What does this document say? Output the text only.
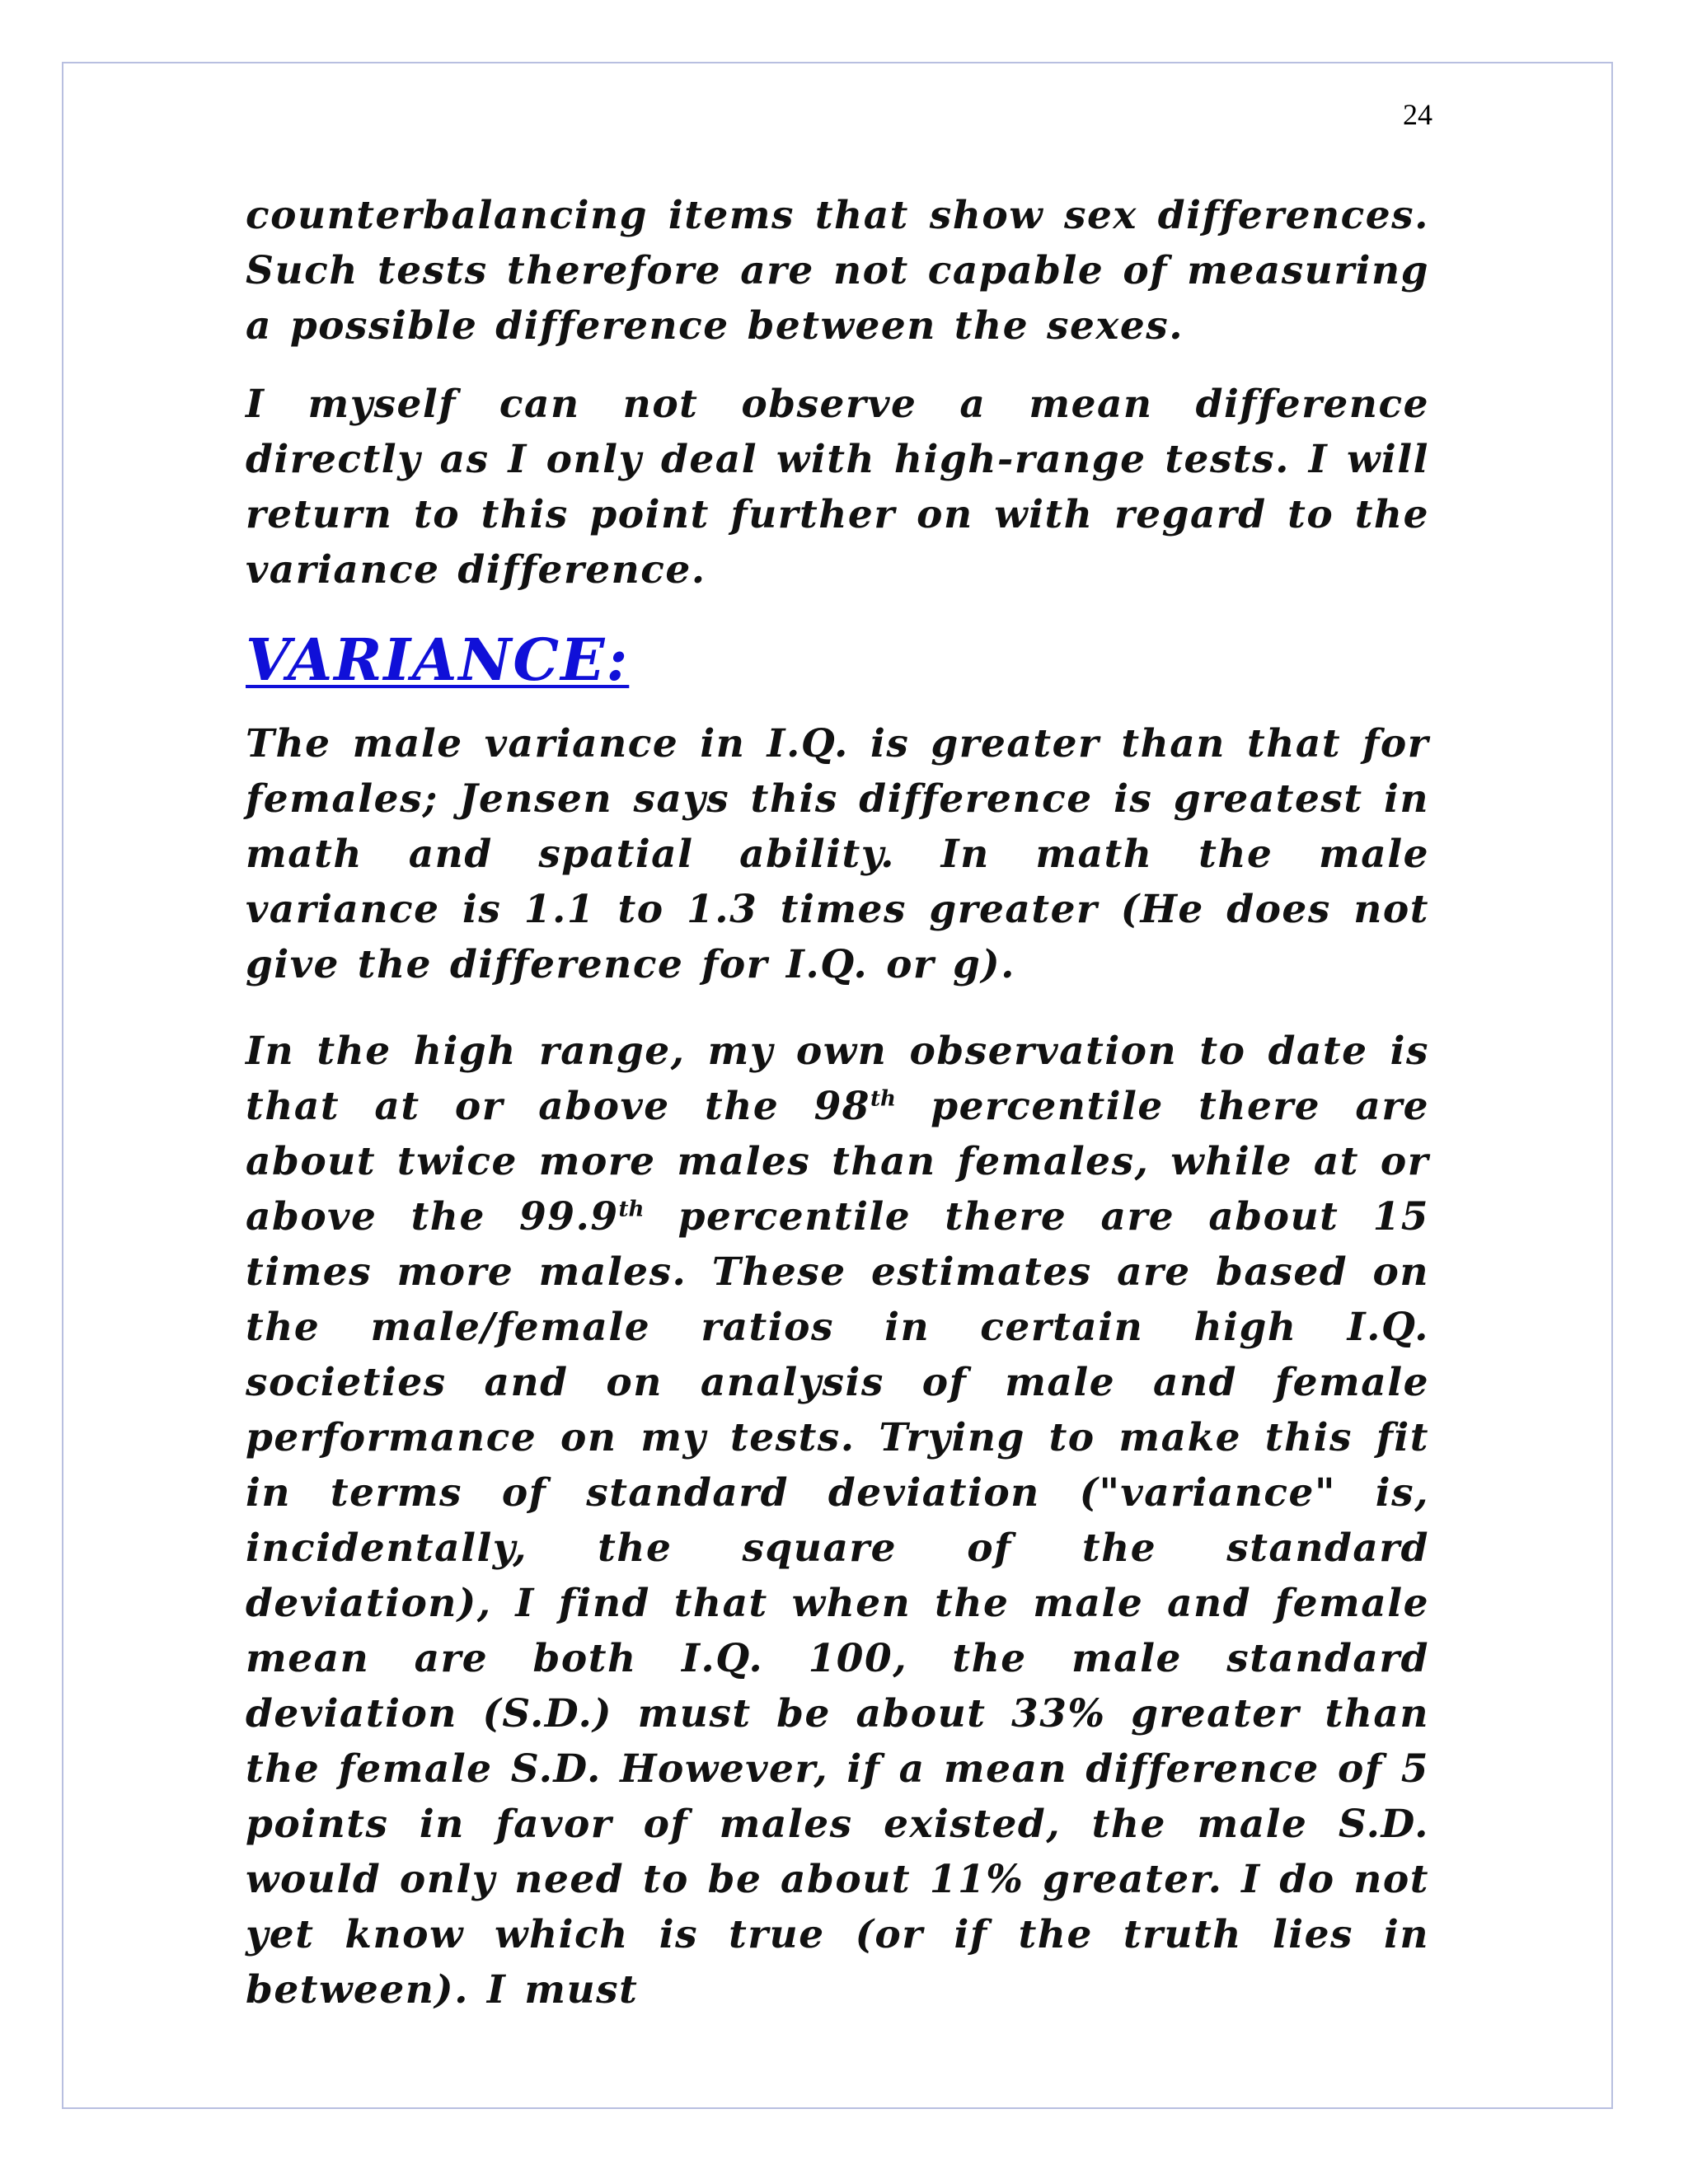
24

counterbalancing items that show sex differences. Such tests therefore are not capable of measuring a possible difference between the sexes.

I myself can not observe a mean difference directly as I only deal with high-range tests. I will return to this point further on with regard to the variance difference.

VARIANCE:

The male variance in I.Q. is greater than that for females; Jensen says this difference is greatest in math and spatial ability. In math the male variance is 1.1 to 1.3 times greater (He does not give the difference for I.Q. or g).

In the high range, my own observation to date is that at or above the 98th percentile there are about twice more males than females, while at or above the 99.9th percentile there are about 15 times more males. These estimates are based on the male/female ratios in certain high I.Q. societies and on analysis of male and female performance on my tests. Trying to make this fit in terms of standard deviation ("variance" is, incidentally, the square of the standard deviation), I find that when the male and female mean are both I.Q. 100, the male standard deviation (S.D.) must be about 33% greater than the female S.D. However, if a mean difference of 5 points in favor of males existed, the male S.D. would only need to be about 11% greater. I do not yet know which is true (or if the truth lies in between). I must
